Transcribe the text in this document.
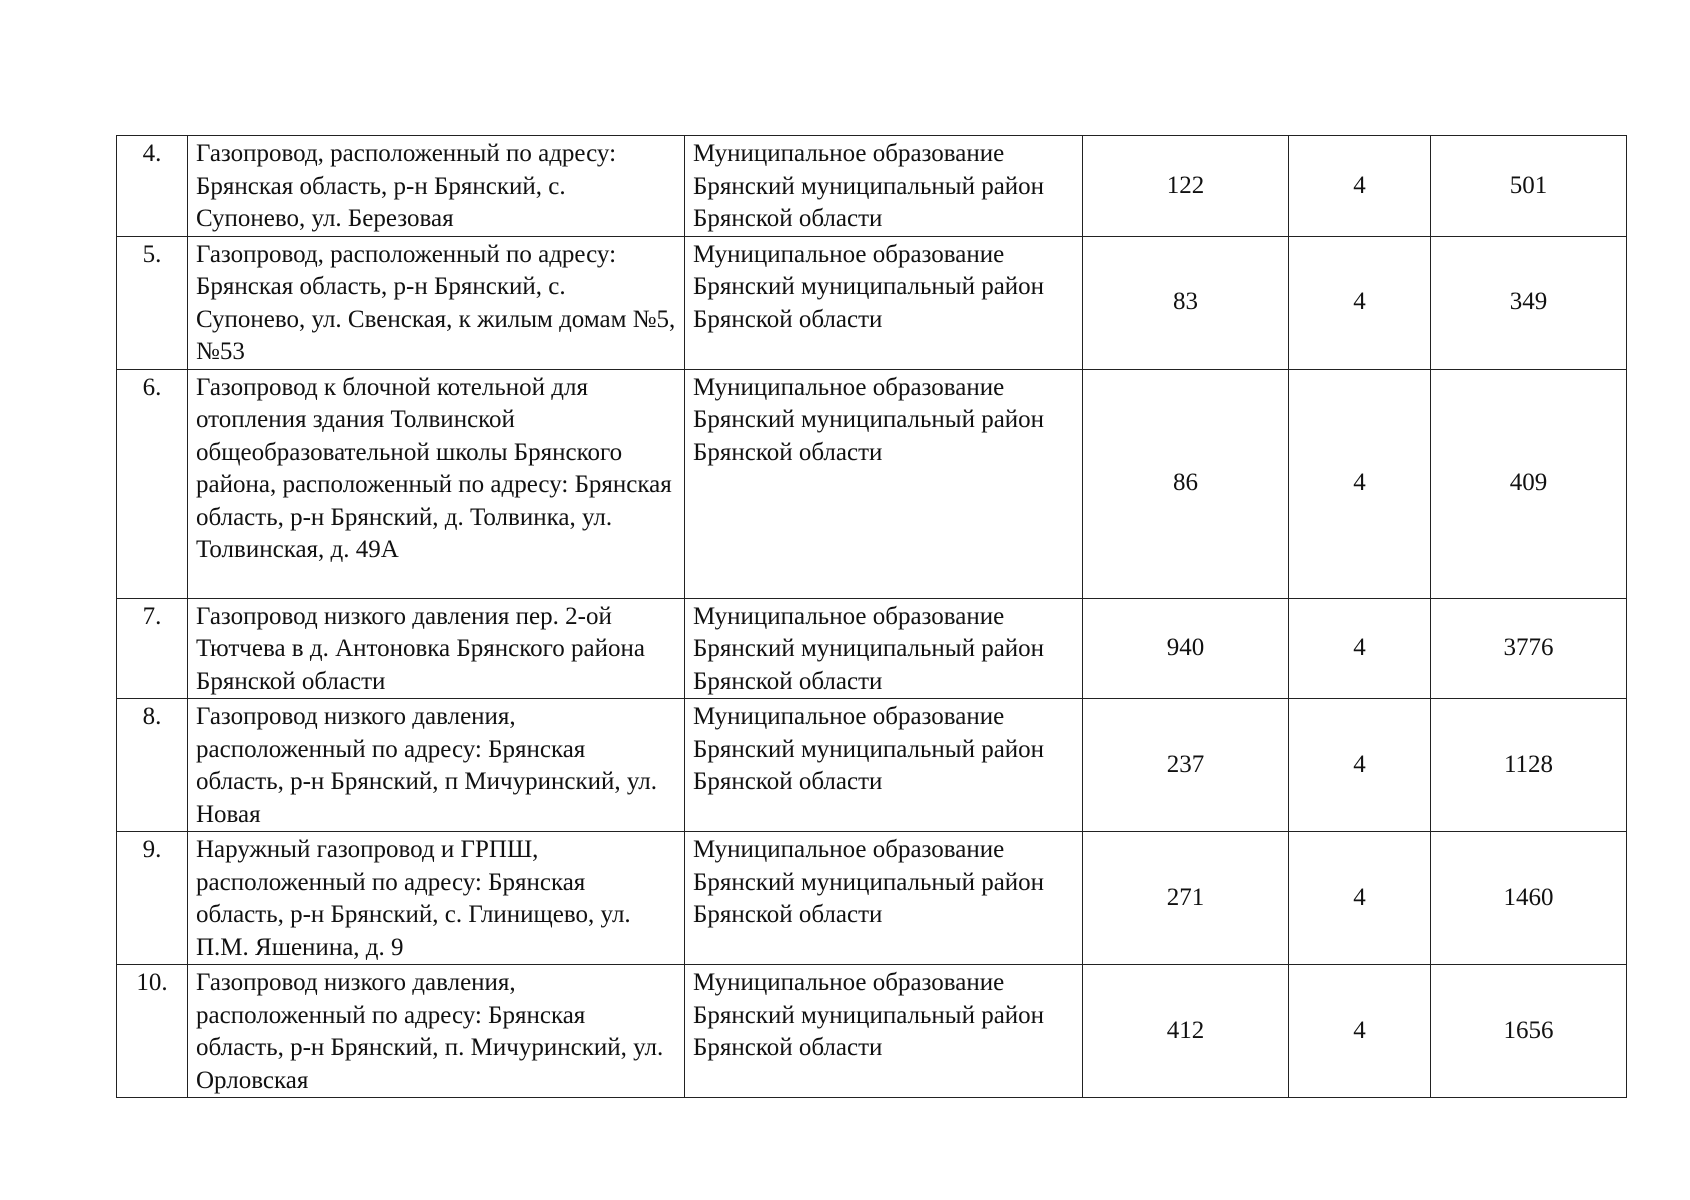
4.	Газопровод, расположенный по адресу: Брянская область, р-н Брянский, с. Супонево, ул. Березовая	Муниципальное образование Брянский муниципальный район Брянской области	122	4	501
5.	Газопровод, расположенный по адресу: Брянская область, р-н Брянский, с. Супонево, ул. Свенская, к жилым домам №5, №53	Муниципальное образование Брянский муниципальный район Брянской области	83	4	349
6.	Газопровод к блочной котельной для отопления здания Толвинской общеобразовательной школы Брянского района, расположенный по адресу: Брянская область, р-н Брянский, д. Толвинка, ул. Толвинская, д. 49А	Муниципальное образование Брянский муниципальный район Брянской области	86	4	409
7.	Газопровод низкого давления пер. 2-ой Тютчева в д. Антоновка Брянского района Брянской области	Муниципальное образование Брянский муниципальный район Брянской области	940	4	3776
8.	Газопровод низкого давления, расположенный по адресу: Брянская область, р-н Брянский, п Мичуринский, ул. Новая	Муниципальное образование Брянский муниципальный район Брянской области	237	4	1128
9.	Наружный газопровод и ГРПШ, расположенный по адресу: Брянская область, р-н Брянский, с. Глинищево, ул. П.М. Яшенина, д. 9	Муниципальное образование Брянский муниципальный район Брянской области	271	4	1460
10.	Газопровод низкого давления, расположенный по адресу: Брянская область, р-н Брянский, п. Мичуринский, ул. Орловская	Муниципальное образование Брянский муниципальный район Брянской области	412	4	1656
